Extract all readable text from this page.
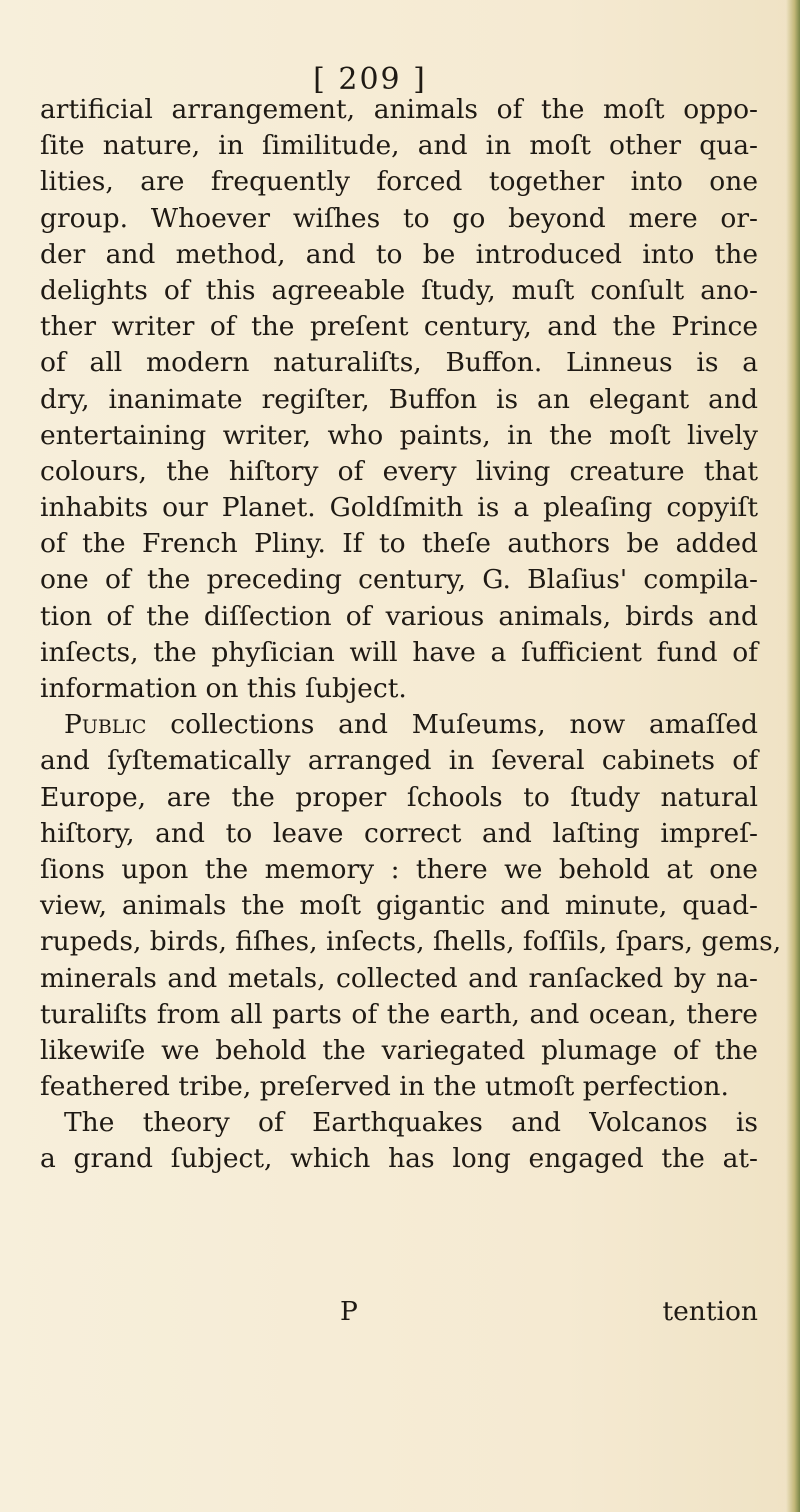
[ 209 ]
artificial arrangement, animals of the moſt oppo-
ſite nature, in ſimilitude, and in moſt other qua-
lities, are frequently forced together into one
group. Whoever wiſhes to go beyond mere or-
der and method, and to be introduced into the
delights of this agreeable ſtudy, muſt conſult ano-
ther writer of the preſent century, and the Prince
of all modern naturaliſts, Buffon. Linneus is a
dry, inanimate regiſter, Buffon is an elegant and
entertaining writer, who paints, in the moſt lively
colours, the hiſtory of every living creature that
inhabits our Planet. Goldſmith is a pleaſing copyiſt
of the French Pliny. If to theſe authors be added
one of the preceding century, G. Blaſius' compila-
tion of the diſſection of various animals, birds and
inſects, the phyſician will have a ſufficient fund of
information on this ſubject.
Public collections and Muſeums, now amaſſed
and ſyſtematically arranged in ſeveral cabinets of
Europe, are the proper ſchools to ſtudy natural
hiſtory, and to leave correct and laſting impreſ-
ſions upon the memory : there we behold at one
view, animals the moſt gigantic and minute, quad-
rupeds, birds, fiſhes, inſects, ſhells, foſſils, ſpars, gems,
minerals and metals, collected and ranſacked by na-
turaliſts from all parts of the earth, and ocean, there
likewiſe we behold the variegated plumage of the
feathered tribe, preſerved in the utmoſt perfection.
The theory of Earthquakes and Volcanos is
a grand ſubject, which has long engaged the at-
P	tention
